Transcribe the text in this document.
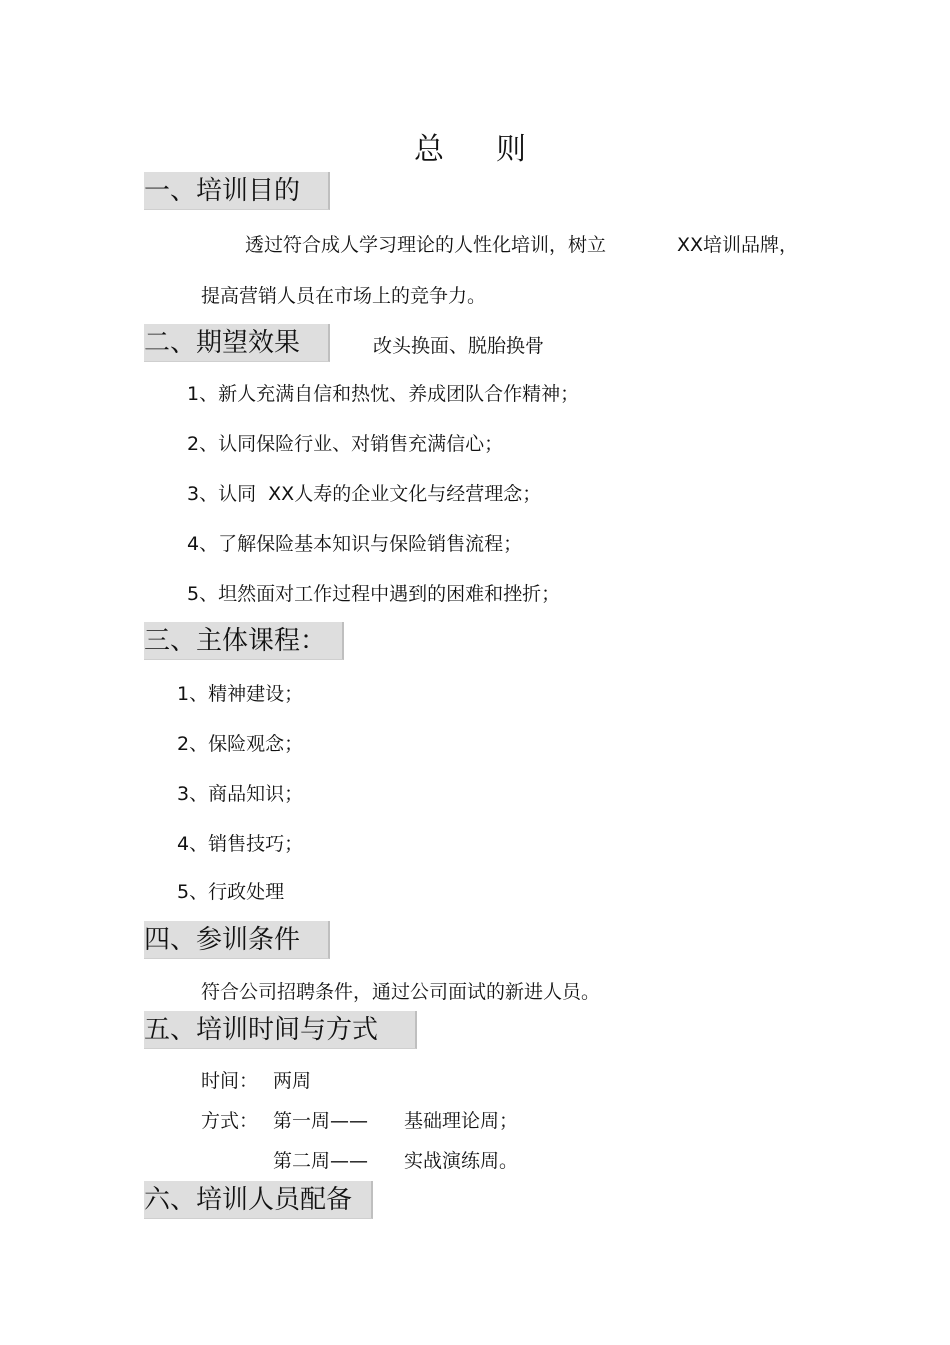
总 则
一、培训目的
透过符合成人学习理论的人性化培训，树立	XX培训品牌，
提高营销人员在市场上的竞争力。
二、期望效果	改头换面、脱胎换骨
1、新人充满自信和热忱、养成团队合作精神；
2、认同保险行业、对销售充满信心；
3、认同  XX人寿的企业文化与经营理念；
4、了解保险基本知识与保险销售流程；
5、坦然面对工作过程中遇到的困难和挫折；
三、主体课程：
1、精神建设；
2、保险观念；
3、商品知识；
4、销售技巧；
5、行政处理
四、参训条件
符合公司招聘条件，通过公司面试的新进人员。
五、培训时间与方式
时间： 两周
方式： 第一周—— 基础理论周；
第二周—— 实战演练周。
六、培训人员配备
